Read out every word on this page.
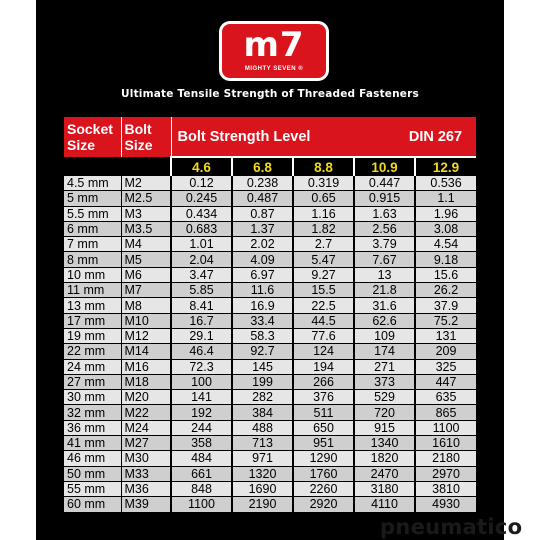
m7
MIGHTY SEVEN ®
Ultimate Tensile Strength of Threaded Fasteners
Socket Size	Bolt Size	Bolt Strength Level			DIN 267	
		4.6	6.8	8.8	10.9	12.9
4.5 mm	M2	0.12	0.238	0.319	0.447	0.536
5 mm	M2.5	0.245	0.487	0.65	0.915	1.1
5.5 mm	M3	0.434	0.87	1.16	1.63	1.96
6 mm	M3.5	0.683	1.37	1.82	2.56	3.08
7 mm	M4	1.01	2.02	2.7	3.79	4.54
8 mm	M5	2.04	4.09	5.47	7.67	9.18
10 mm	M6	3.47	6.97	9.27	13	15.6
11 mm	M7	5.85	11.6	15.5	21.8	26.2
13 mm	M8	8.41	16.9	22.5	31.6	37.9
17 mm	M10	16.7	33.4	44.5	62.6	75.2
19 mm	M12	29.1	58.3	77.6	109	131
22 mm	M14	46.4	92.7	124	174	209
24 mm	M16	72.3	145	194	271	325
27 mm	M18	100	199	266	373	447
30 mm	M20	141	282	376	529	635
32 mm	M22	192	384	511	720	865
36 mm	M24	244	488	650	915	1100
41 mm	M27	358	713	951	1340	1610
46 mm	M30	484	971	1290	1820	2180
50 mm	M33	661	1320	1760	2470	2970
55 mm	M36	848	1690	2260	3180	3810
60 mm	M39	1100	2190	2920	4110	4930
pneumatico
